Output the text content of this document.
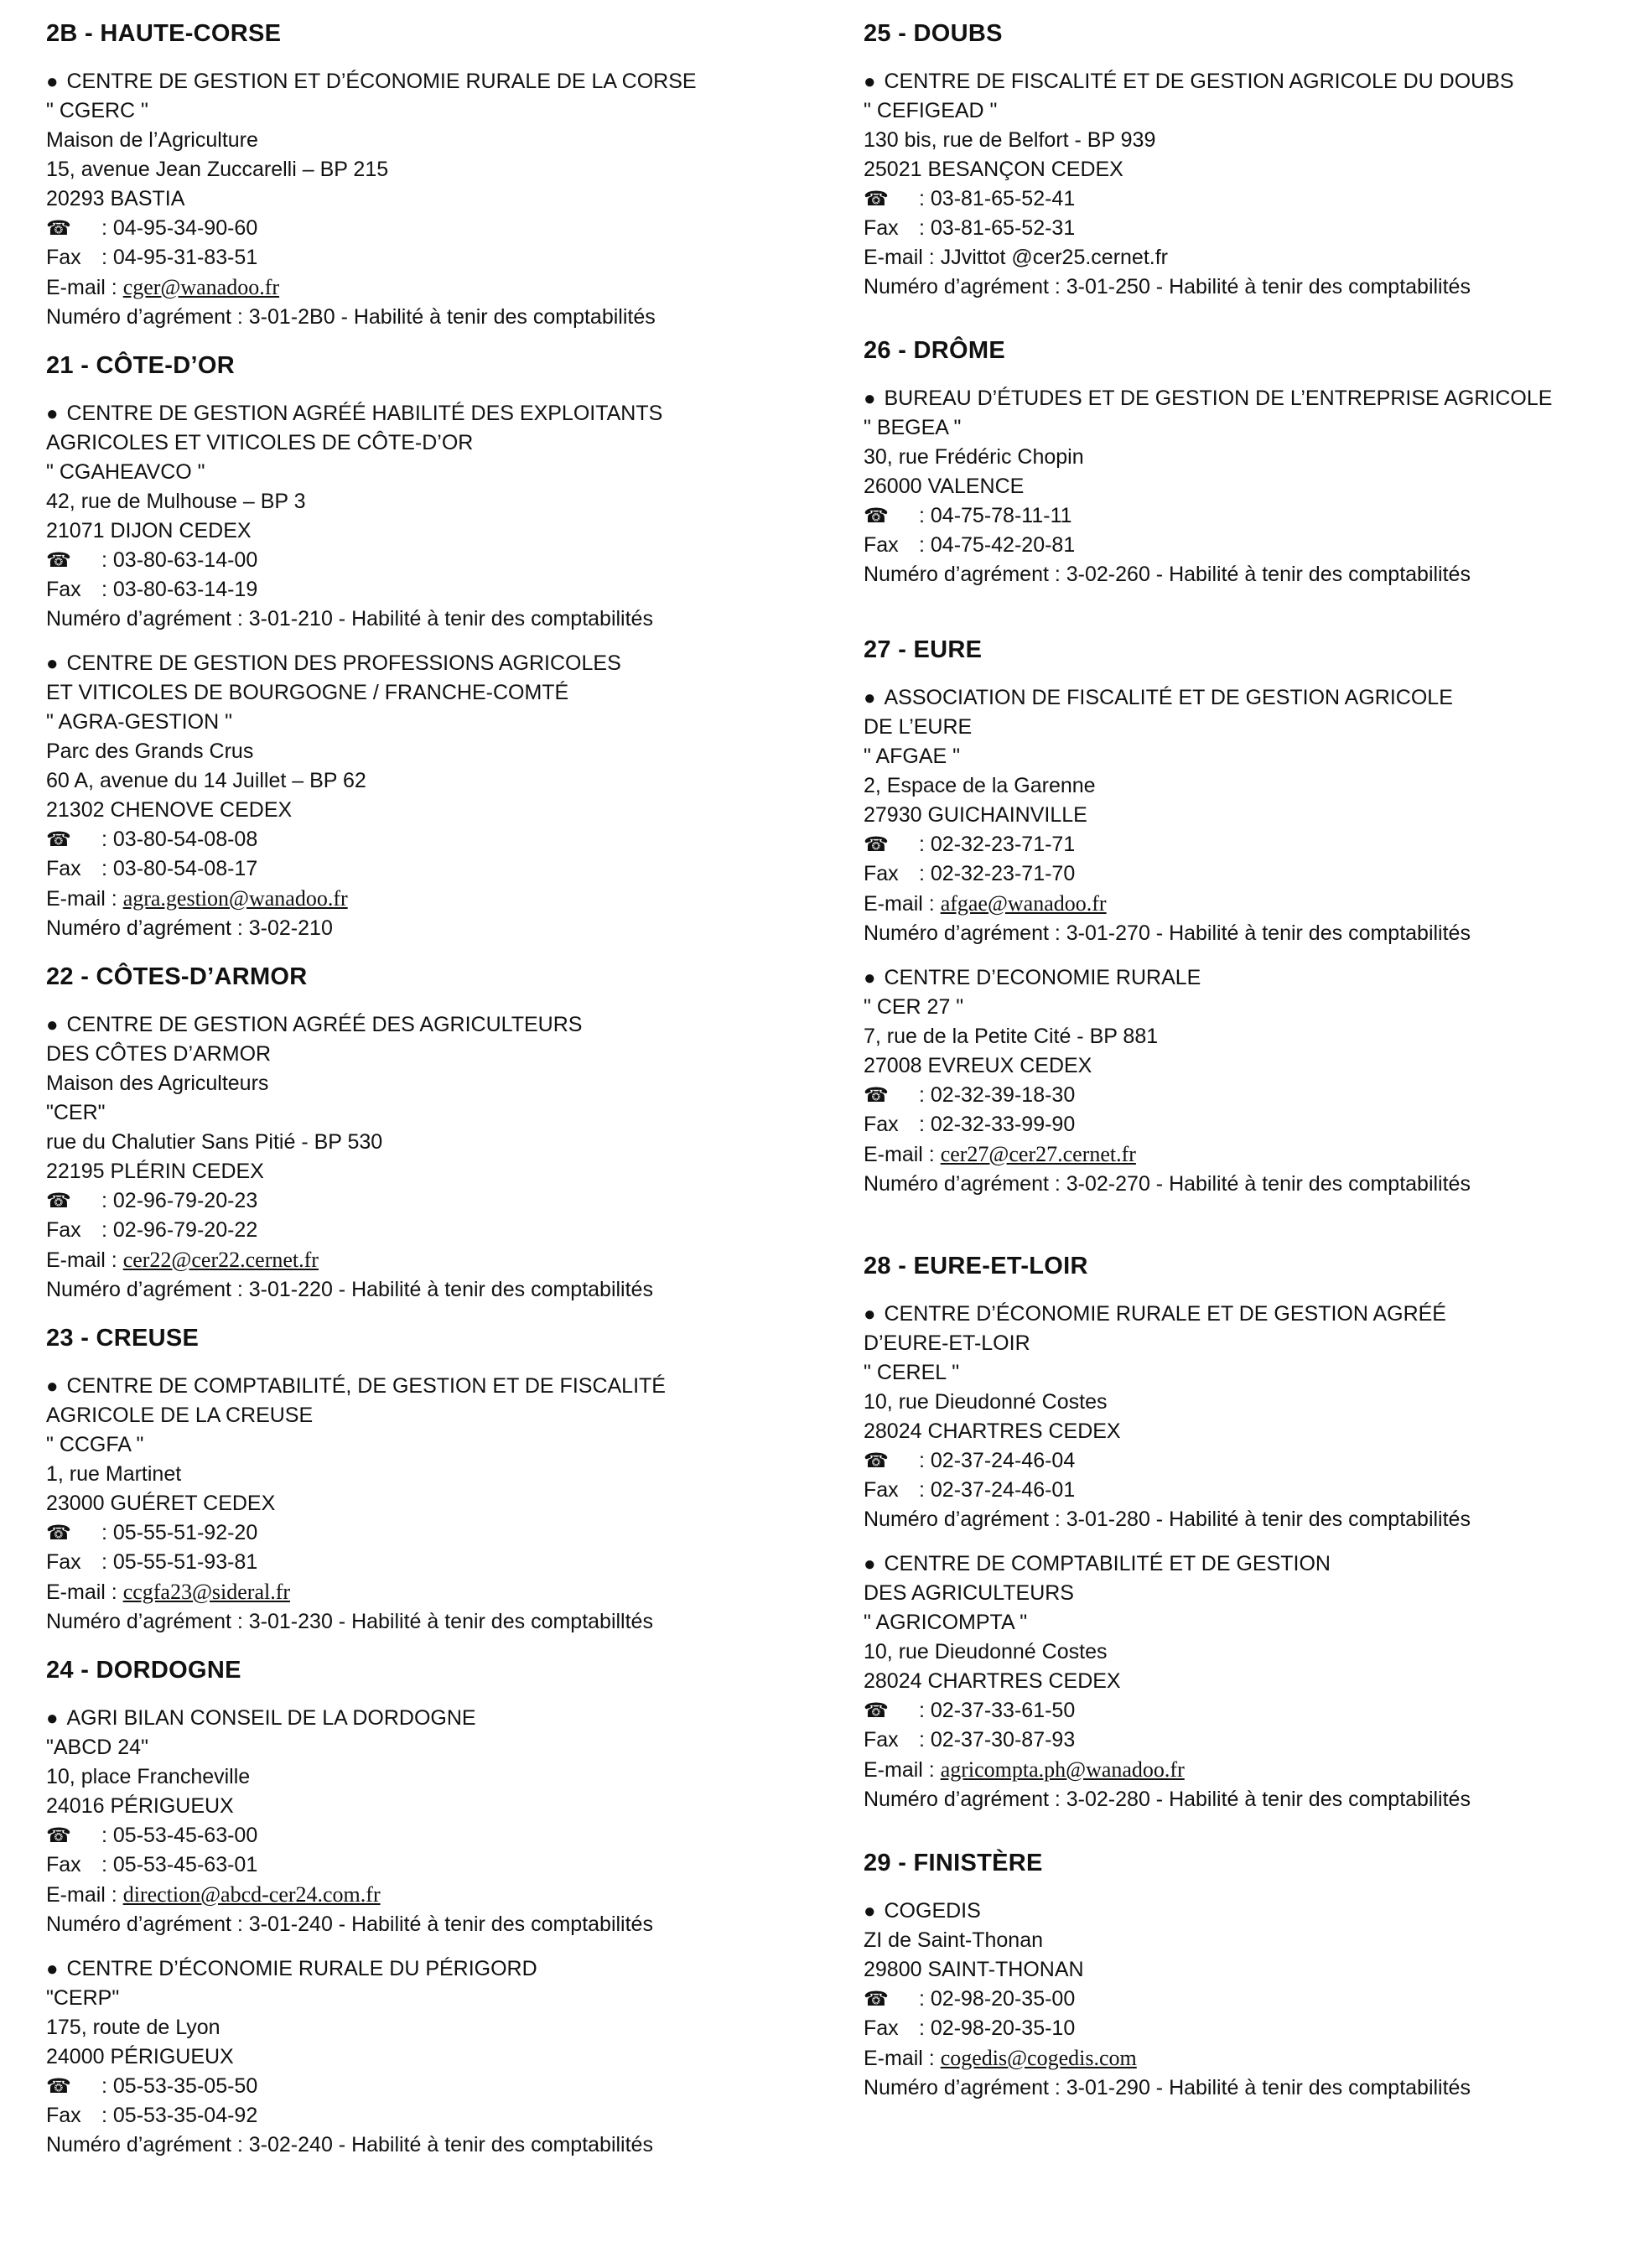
2B - HAUTE-CORSE
● CENTRE DE GESTION ET D’ÉCONOMIE RURALE DE LA CORSE
" CGERC "
Maison de l’Agriculture
15, avenue Jean Zuccarelli – BP 215
20293 BASTIA
☎ : 04-95-34-90-60
Fax : 04-95-31-83-51
E-mail : cger@wanadoo.fr
Numéro d’agrément : 3-01-2B0 - Habilité à tenir des comptabilités
21 - CÔTE-D’OR
● CENTRE DE GESTION AGRÉÉ HABILITÉ DES EXPLOITANTS
AGRICOLES ET VITICOLES DE CÔTE-D’OR
" CGAHEAVCO "
42, rue de Mulhouse – BP 3
21071 DIJON CEDEX
☎ : 03-80-63-14-00
Fax : 03-80-63-14-19
Numéro d’agrément : 3-01-210 - Habilité à tenir des comptabilités
● CENTRE DE GESTION DES PROFESSIONS AGRICOLES
ET VITICOLES DE BOURGOGNE / FRANCHE-COMTÉ
" AGRA-GESTION "
Parc des Grands Crus
60 A, avenue du 14 Juillet – BP 62
21302 CHENOVE CEDEX
☎ : 03-80-54-08-08
Fax : 03-80-54-08-17
E-mail : agra.gestion@wanadoo.fr
Numéro d’agrément : 3-02-210
22 - CÔTES-D’ARMOR
● CENTRE DE GESTION AGRÉÉ DES AGRICULTEURS
DES CÔTES D’ARMOR
Maison des Agriculteurs
"CER"
rue du Chalutier Sans Pitié - BP 530
22195 PLÉRIN CEDEX
☎ : 02-96-79-20-23
Fax : 02-96-79-20-22
E-mail : cer22@cer22.cernet.fr
Numéro d’agrément : 3-01-220 - Habilité à tenir des comptabilités
23 - CREUSE
● CENTRE DE COMPTABILITÉ, DE GESTION ET DE FISCALITÉ
AGRICOLE DE LA CREUSE
" CCGFA "
1, rue Martinet
23000 GUÉRET CEDEX
☎ : 05-55-51-92-20
Fax : 05-55-51-93-81
E-mail : ccgfa23@sideral.fr
Numéro d’agrément : 3-01-230 - Habilité à tenir des comptabilltés
24 - DORDOGNE
● AGRI BILAN CONSEIL DE LA DORDOGNE
"ABCD 24"
10, place Francheville
24016 PÉRIGUEUX
☎ : 05-53-45-63-00
Fax : 05-53-45-63-01
E-mail : direction@abcd-cer24.com.fr
Numéro d’agrément : 3-01-240 - Habilité à tenir des comptabilités
● CENTRE D’ÉCONOMIE RURALE DU PÉRIGORD
"CERP"
175, route de Lyon
24000 PÉRIGUEUX
☎ : 05-53-35-05-50
Fax : 05-53-35-04-92
Numéro d’agrément : 3-02-240 - Habilité à tenir des comptabilités
25 - DOUBS
● CENTRE DE FISCALITÉ ET DE GESTION AGRICOLE DU DOUBS
" CEFIGEAD "
130 bis, rue de Belfort - BP 939
25021 BESANÇON CEDEX
☎ : 03-81-65-52-41
Fax : 03-81-65-52-31
E-mail : JJvittot @cer25.cernet.fr
Numéro d’agrément : 3-01-250 - Habilité à tenir des comptabilités
26 - DRÔME
● BUREAU D’ÉTUDES ET DE GESTION DE L’ENTREPRISE AGRICOLE
" BEGEA "
30, rue Frédéric Chopin
26000 VALENCE
☎ : 04-75-78-11-11
Fax : 04-75-42-20-81
Numéro d’agrément : 3-02-260 - Habilité à tenir des comptabilités
27 - EURE
● ASSOCIATION DE FISCALITÉ ET DE GESTION AGRICOLE
DE L’EURE
" AFGAE "
2, Espace de la Garenne
27930 GUICHAINVILLE
☎ : 02-32-23-71-71
Fax : 02-32-23-71-70
E-mail : afgae@wanadoo.fr
Numéro d’agrément : 3-01-270 - Habilité à tenir des comptabilités
● CENTRE D’ECONOMIE RURALE
" CER 27 "
7, rue de la Petite Cité - BP 881
27008 EVREUX CEDEX
☎ : 02-32-39-18-30
Fax : 02-32-33-99-90
E-mail : cer27@cer27.cernet.fr
Numéro d’agrément : 3-02-270 - Habilité à tenir des comptabilités
28 - EURE-ET-LOIR
● CENTRE D’ÉCONOMIE RURALE ET DE GESTION AGRÉÉ
D’EURE-ET-LOIR
" CEREL "
10, rue Dieudonné Costes
28024 CHARTRES CEDEX
☎ : 02-37-24-46-04
Fax : 02-37-24-46-01
Numéro d’agrément : 3-01-280 - Habilité à tenir des comptabilités
● CENTRE DE COMPTABILITÉ ET DE GESTION
DES AGRICULTEURS
" AGRICOMPTA "
10, rue Dieudonné Costes
28024 CHARTRES CEDEX
☎ : 02-37-33-61-50
Fax : 02-37-30-87-93
E-mail : agricompta.ph@wanadoo.fr
Numéro d’agrément : 3-02-280 - Habilité à tenir des comptabilités
29 - FINISTÈRE
● COGEDIS
ZI de Saint-Thonan
29800 SAINT-THONAN
☎ : 02-98-20-35-00
Fax : 02-98-20-35-10
E-mail : cogedis@cogedis.com
Numéro d’agrément : 3-01-290 - Habilité à tenir des comptabilités
